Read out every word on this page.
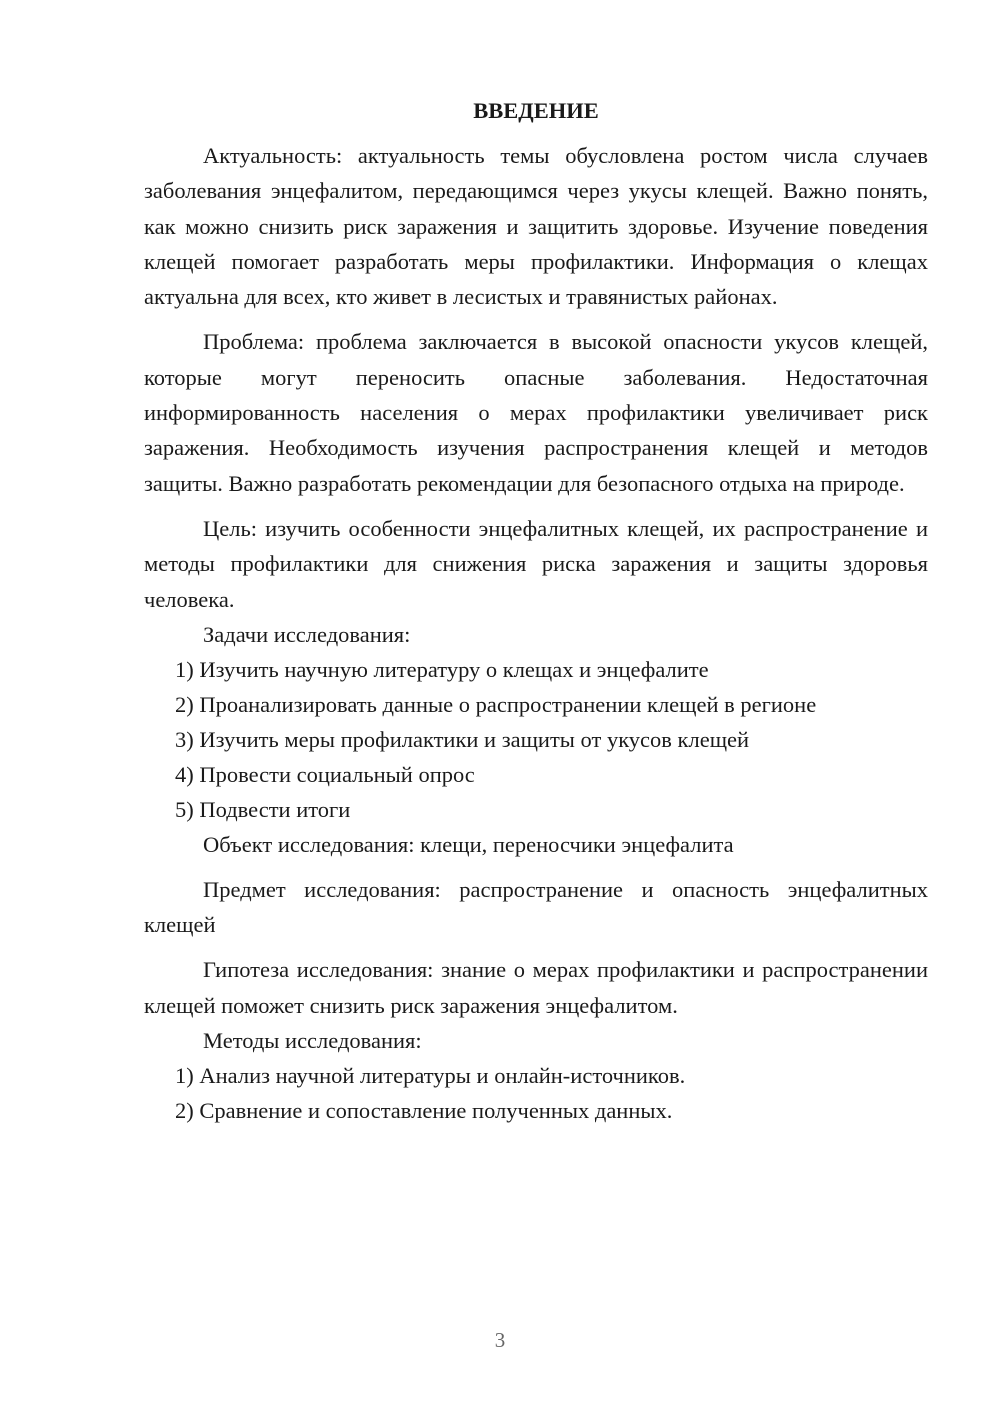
ВВЕДЕНИЕ

Актуальность: актуальность темы обусловлена ростом числа случаев заболевания энцефалитом, передающимся через укусы клещей. Важно понять, как можно снизить риск заражения и защитить здоровье. Изучение поведения клещей помогает разработать меры профилактики. Информация о клещах актуальна для всех, кто живет в лесистых и травянистых районах.

Проблема: проблема заключается в высокой опасности укусов клещей, которые могут переносить опасные заболевания. Недостаточная информированность населения о мерах профилактики увеличивает риск заражения. Необходимость изучения распространения клещей и методов защиты. Важно разработать рекомендации для безопасного отдыха на природе.

Цель: изучить особенности энцефалитных клещей, их распространение и методы профилактики для снижения риска заражения и защиты здоровья человека.

Задачи исследования:
1) Изучить научную литературу о клещах и энцефалите
2) Проанализировать данные о распространении клещей в регионе
3) Изучить меры профилактики и защиты от укусов клещей
4) Провести социальный опрос
5) Подвести итоги
Объект исследования: клещи, переносчики энцефалита

Предмет исследования: распространение и опасность энцефалитных клещей

Гипотеза исследования: знание о мерах профилактики и распространении клещей поможет снизить риск заражения энцефалитом.

Методы исследования:
1) Анализ научной литературы и онлайн-источников.
2) Сравнение и сопоставление полученных данных.
3
